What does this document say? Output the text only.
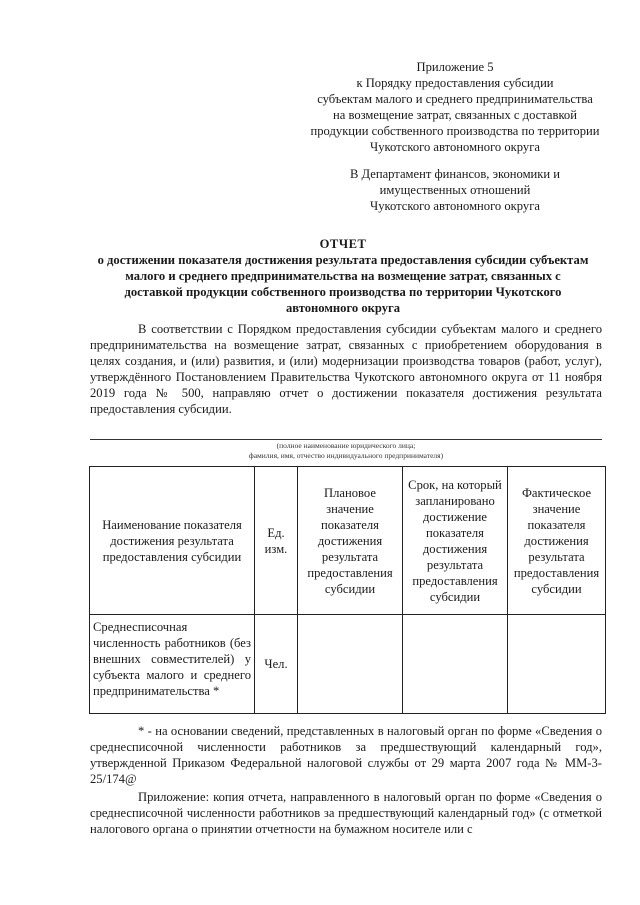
Приложение 5
к Порядку предоставления субсидии
субъектам малого и среднего предпринимательства
на возмещение затрат, связанных с доставкой
продукции собственного производства по территории
Чукотского автономного округа
В Департамент финансов, экономики и
имущественных отношений
Чукотского автономного округа
ОТЧЕТ
о достижении показателя достижения результата предоставления субсидии субъектам
малого и среднего предпринимательства на возмещение затрат, связанных с
доставкой продукции собственного производства по территории Чукотского
автономного округа

В соответствии с Порядком предоставления субсидии субъектам малого и среднего предпринимательства на возмещение затрат, связанных с приобретением оборудования в целях создания, и (или) развития, и (или) модернизации производства товаров (работ, услуг), утверждённого Постановлением Правительства Чукотского автономного округа от 11 ноября 2019 года № 500, направляю отчет о достижении показателя достижения результата предоставления субсидии.

(полное наименование юридического лица;
фамилия, имя, отчество индивидуального предпринимателя)
Наименование показателя достижения результата предоставления субсидии	Ед. изм.	Плановое значение показателя достижения результата предоставления субсидии	Срок, на который запланировано достижение показателя достижения результата предоставления субсидии	Фактическое значение показателя достижения результата предоставления субсидии
Среднесписочная численность работников (без внешних совместителей) у субъекта малого и среднего предпринимательства *	Чел.			

* - на основании сведений, представленных в налоговый орган по форме «Сведения о среднесписочной численности работников за предшествующий календарный год», утвержденной Приказом Федеральной налоговой службы от 29 марта 2007 года № ММ-3-25/174@

Приложение: копия отчета, направленного в налоговый орган по форме «Сведения о среднесписочной численности работников за предшествующий календарный год» (с отметкой налогового органа о принятии отчетности на бумажном носителе или с
